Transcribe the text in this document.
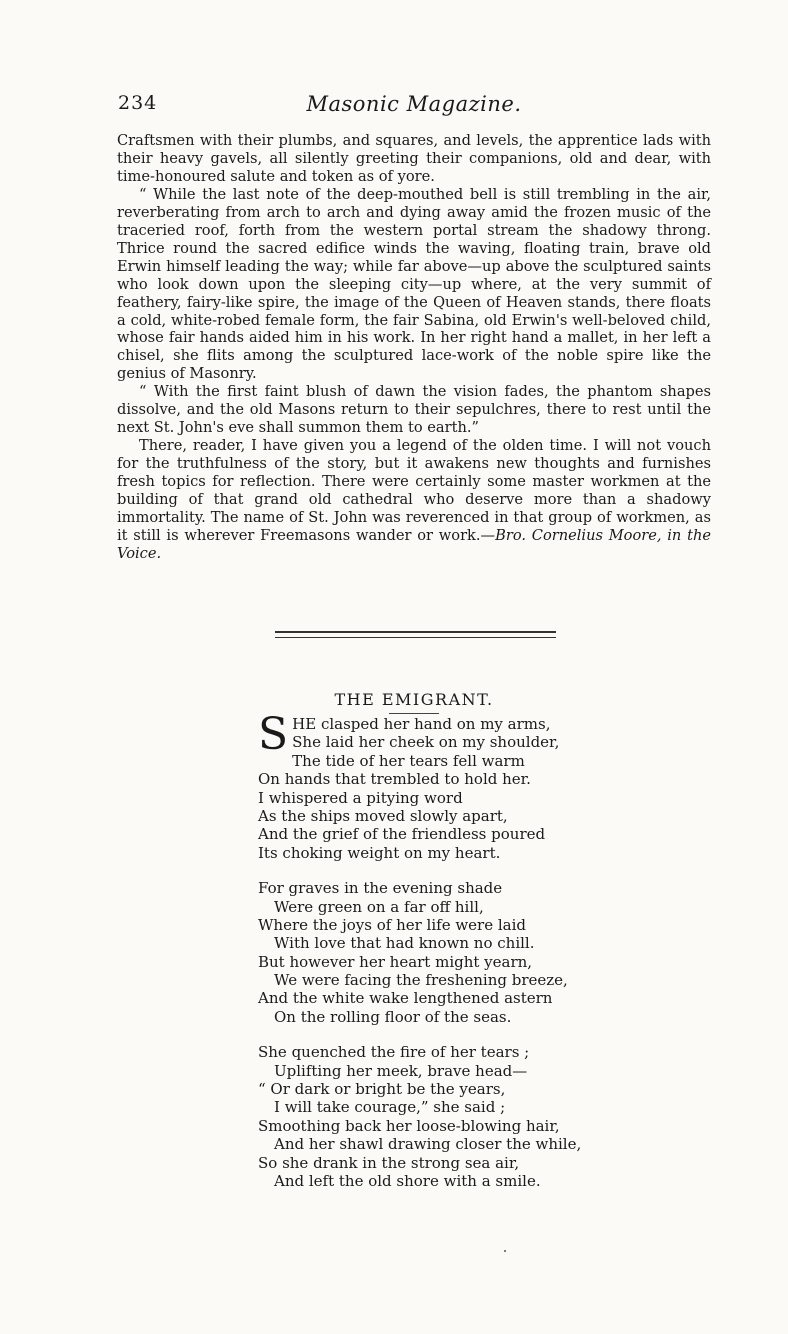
234	Masonic Magazine.

Craftsmen with their plumbs, and squares, and levels, the apprentice lads with their heavy gavels, all silently greeting their companions, old and dear, with time-honoured salute and token as of yore.

“ While the last note of the deep-mouthed bell is still trembling in the air, reverberating from arch to arch and dying away amid the frozen music of the traceried roof, forth from the western portal stream the shadowy throng. Thrice round the sacred edifice winds the waving, floating train, brave old Erwin himself leading the way; while far above—up above the sculptured saints who look down upon the sleeping city—up where, at the very summit of feathery, fairy-like spire, the image of the Queen of Heaven stands, there floats a cold, white-robed female form, the fair Sabina, old Erwin's well-beloved child, whose fair hands aided him in his work. In her right hand a mallet, in her left a chisel, she flits among the sculptured lace-work of the noble spire like the genius of Masonry.

“ With the first faint blush of dawn the vision fades, the phantom shapes dissolve, and the old Masons return to their sepulchres, there to rest until the next St. John's eve shall summon them to earth.”

There, reader, I have given you a legend of the olden time. I will not vouch for the truthfulness of the story, but it awakens new thoughts and furnishes fresh topics for reflection. There were certainly some master workmen at the building of that grand old cathedral who deserve more than a shadowy immortality. The name of St. John was reverenced in that group of workmen, as it still is wherever Freemasons wander or work.—Bro. Cornelius Moore, in the Voice.

THE EMIGRANT.
S HE clasped her hand on my arms,
She laid her cheek on my shoulder,
The tide of her tears fell warm
On hands that trembled to hold her.
I whispered a pitying word
As the ships moved slowly apart,
And the grief of the friendless poured
Its choking weight on my heart.
For graves in the evening shade
Were green on a far off hill,
Where the joys of her life were laid
With love that had known no chill.
But however her heart might yearn,
We were facing the freshening breeze,
And the white wake lengthened astern
On the rolling floor of the seas.
She quenched the fire of her tears ;
Uplifting her meek, brave head—
“ Or dark or bright be the years,
I will take courage,” she said ;
Smoothing back her loose-blowing hair,
And her shawl drawing closer the while,
So she drank in the strong sea air,
And left the old shore with a smile.
